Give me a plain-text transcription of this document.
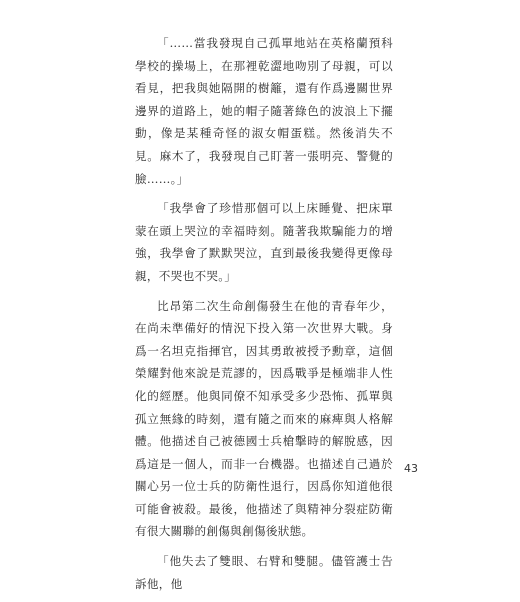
「……當我發現自己孤單地站在英格蘭預科學校的操場上，在那裡乾澀地吻別了母親，可以看見，把我與她隔開的樹籬，還有作爲邊關世界邊界的道路上，她的帽子隨著綠色的波浪上下擺動，像是某種奇怪的淑女帽蛋糕。然後消失不見。麻木了，我發現自己盯著一張明亮、警覺的臉……。」

「我學會了珍惜那個可以上床睡覺、把床單蒙在頭上哭泣的幸福時刻。隨著我欺騙能力的增強，我學會了默默哭泣，直到最後我變得更像母親，不哭也不哭。」

比昂第二次生命創傷發生在他的青春年少，在尚未準備好的情況下投入第一次世界大戰。身爲一名坦克指揮官，因其勇敢被授予勳章，這個榮耀對他來說是荒謬的，因爲戰爭是極端非人性化的經歷。他與同僚不知承受多少恐怖、孤單與孤立無緣的時刻，還有隨之而來的麻痺與人格解體。他描述自己被德國士兵槍擊時的解脫感，因爲這是一個人，而非一台機器。也描述自己過於關心另一位士兵的防衛性退行，因爲你知道他很可能會被殺。最後，他描述了與精神分裂症防衛有很大關聯的創傷與創傷後狀態。

「他失去了雙眼、右臂和雙腿。儘管護士告訴他，他

43
